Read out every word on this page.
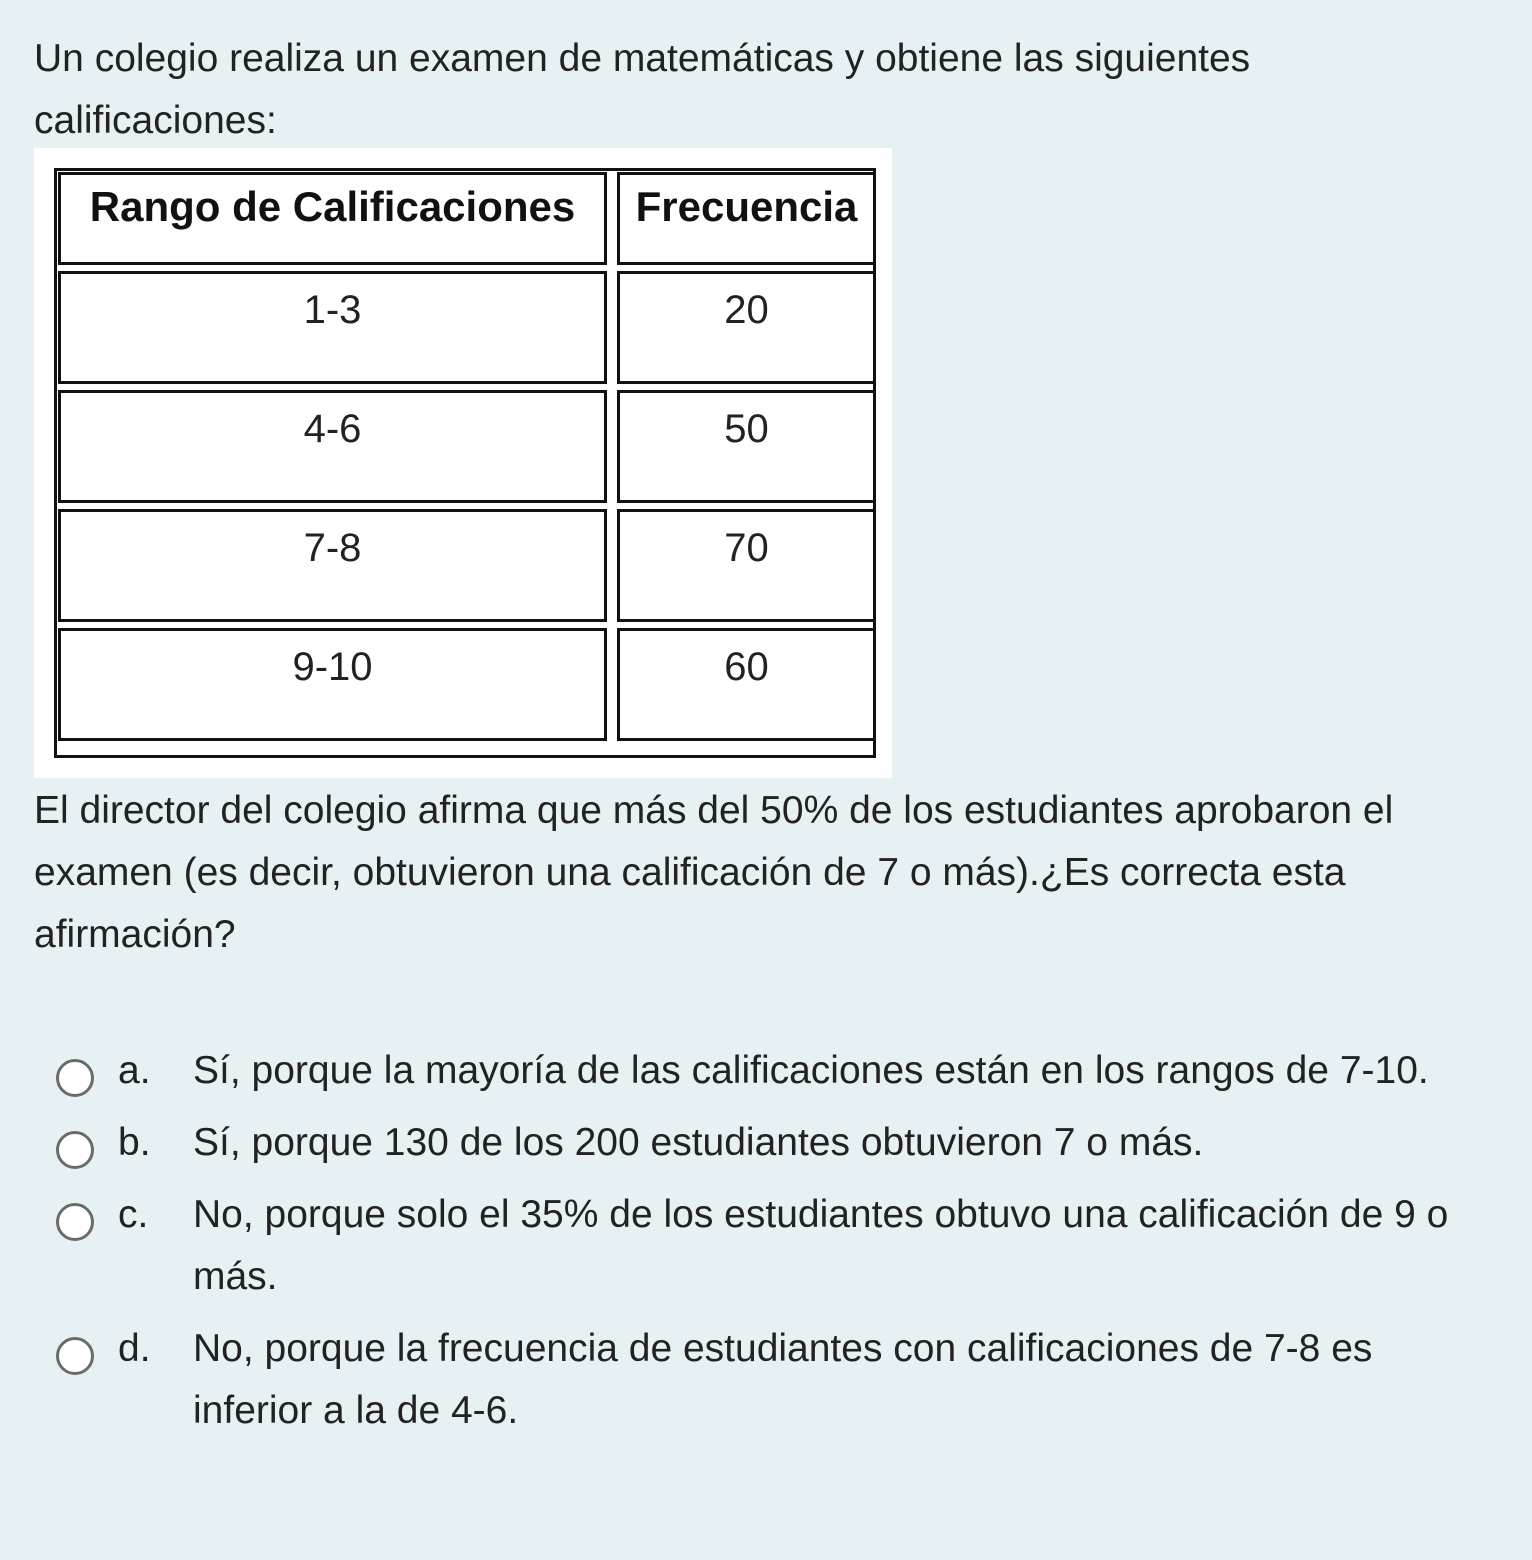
Un colegio realiza un examen de matemáticas y obtiene las siguientes calificaciones:
Rango de Calificaciones	Frecuencia
1-3	20
4-6	50
7-8	70
9-10	60
El director del colegio afirma que más del 50% de los estudiantes aprobaron el examen (es decir, obtuvieron una calificación de 7 o más).¿Es correcta esta afirmación?
a.	Sí, porque la mayoría de las calificaciones están en los rangos de 7-10.
b.	Sí, porque 130 de los 200 estudiantes obtuvieron 7 o más.
c.	No, porque solo el 35% de los estudiantes obtuvo una calificación de 9 o más.
d.	No, porque la frecuencia de estudiantes con calificaciones de 7-8 es inferior a la de 4-6.
